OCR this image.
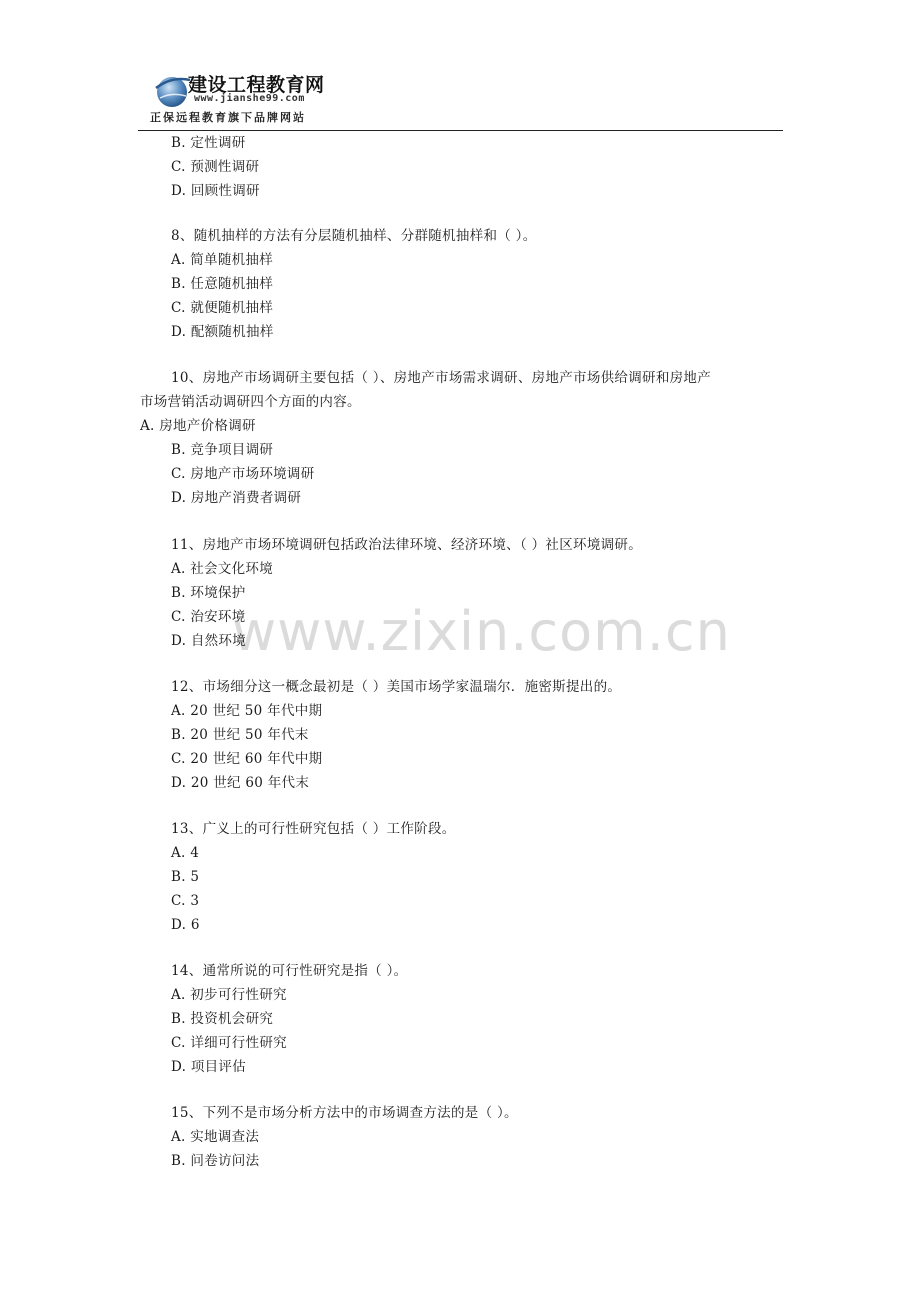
建设工程教育网
www.jianshe99.com
正保远程教育旗下品牌网站
www.zixin.com.cn
B. 定性调研
C. 预测性调研
D. 回顾性调研
8、随机抽样的方法有分层随机抽样、分群随机抽样和（ ）。
A. 简单随机抽样
B. 任意随机抽样
C. 就便随机抽样
D. 配额随机抽样
10、房地产市场调研主要包括（ ）、房地产市场需求调研、房地产市场供给调研和房地产
市场营销活动调研四个方面的内容。
A. 房地产价格调研
B. 竞争项目调研
C. 房地产市场环境调研
D. 房地产消费者调研
11、房地产市场环境调研包括政治法律环境、经济环境、（ ）社区环境调研。
A. 社会文化环境
B. 环境保护
C. 治安环境
D. 自然环境
12、市场细分这一概念最初是（ ）美国市场学家温瑞尔．施密斯提出的。
A. 20 世纪 50 年代中期
B. 20 世纪 50 年代末
C. 20 世纪 60 年代中期
D. 20 世纪 60 年代末
13、广义上的可行性研究包括（ ）工作阶段。
A. 4
B. 5
C. 3
D. 6
14、通常所说的可行性研究是指（ ）。
A. 初步可行性研究
B. 投资机会研究
C. 详细可行性研究
D. 项目评估
15、下列不是市场分析方法中的市场调查方法的是（ ）。
A. 实地调查法
B. 问卷访问法
